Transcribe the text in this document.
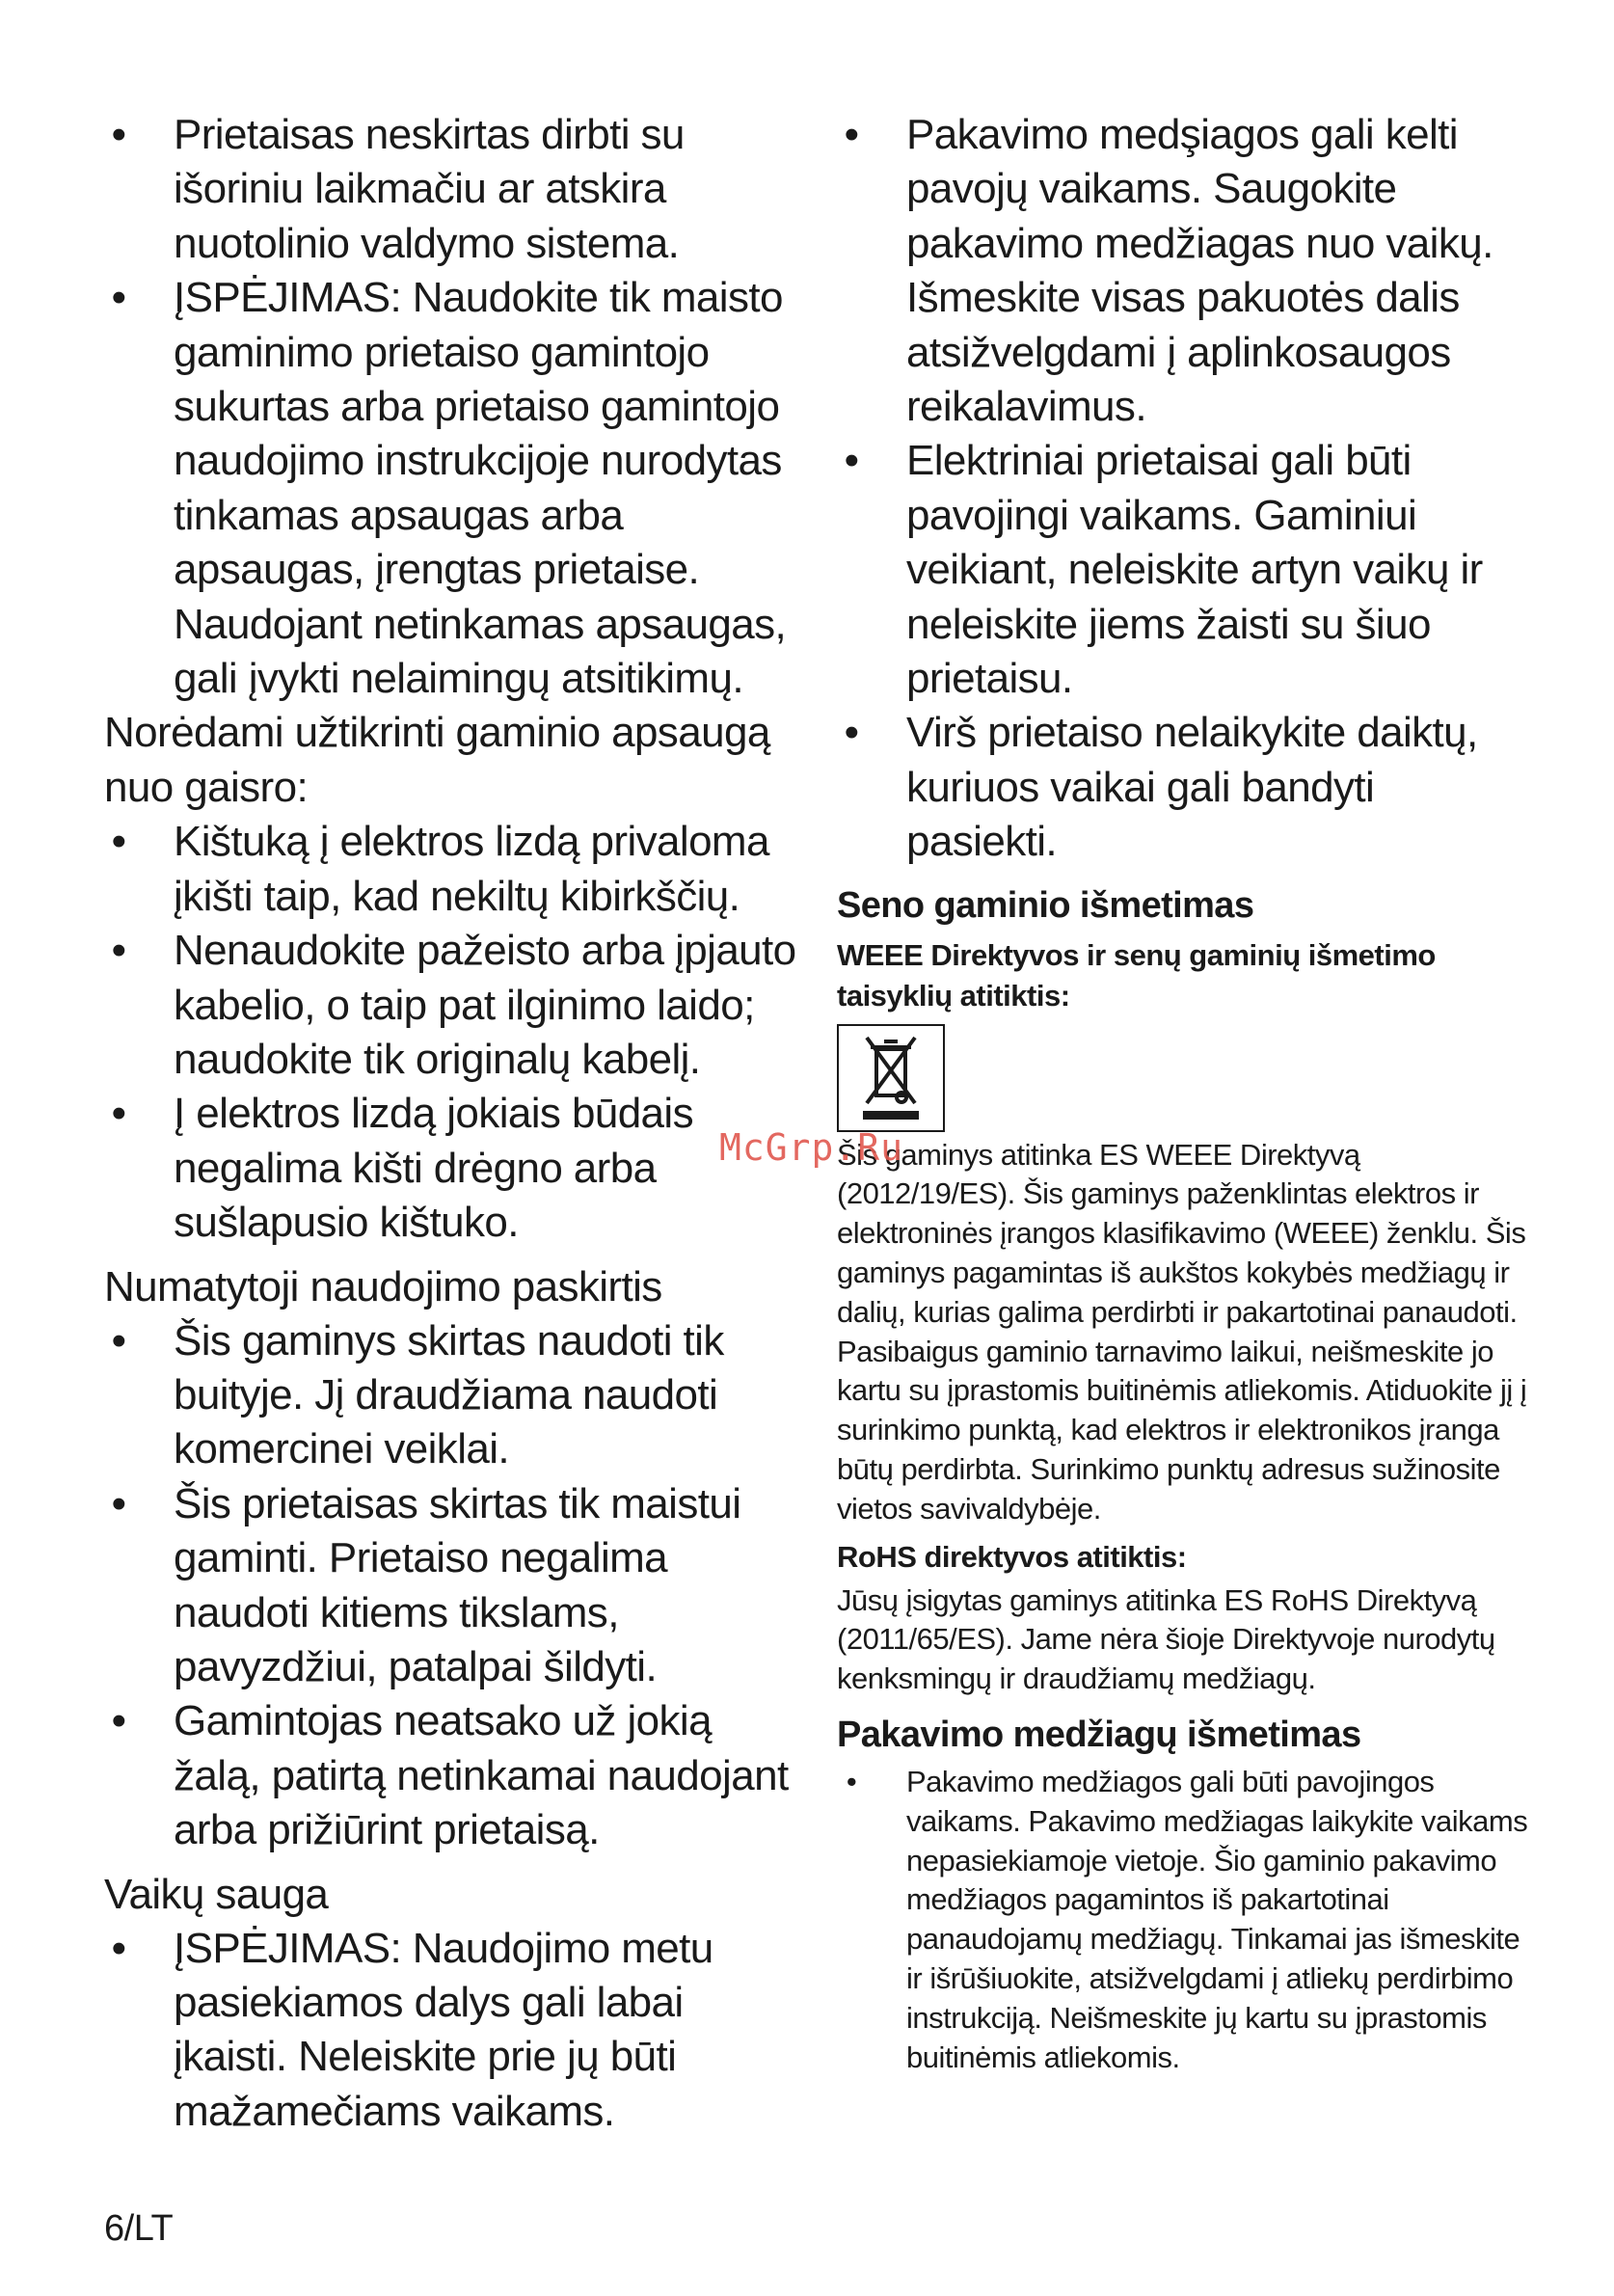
• Prietaisas neskirtas dirbti su išoriniu laikmačiu ar atskira nuotolinio valdymo sistema.
• ĮSPĖJIMAS: Naudokite tik maisto gaminimo prietaiso gamintojo sukurtas arba prietaiso gamintojo naudojimo instrukcijoje nurodytas tinkamas apsaugas arba apsaugas, įrengtas prietaise. Naudojant netinkamas apsaugas, gali įvykti nelaimingų atsitikimų.

Norėdami užtikrinti gaminio apsaugą nuo gaisro:

• Kištuką į elektros lizdą privaloma įkišti taip, kad nekiltų kibirkščių.
• Nenaudokite pažeisto arba įpjauto kabelio, o taip pat ilginimo laido; naudokite tik originalų kabelį.
• Į elektros lizdą jokiais būdais negalima kišti drėgno arba sušlapusio kištuko.
Numatytoji naudojimo paskirtis
• Šis gaminys skirtas naudoti tik buityje. Jį draudžiama naudoti komercinei veiklai.
• Šis prietaisas skirtas tik maistui gaminti. Prietaiso negalima naudoti kitiems tikslams, pavyzdžiui, patalpai šildyti.
• Gamintojas neatsako už jokią žalą, patirtą netinkamai naudojant arba prižiūrint prietaisą.
Vaikų sauga
• ĮSPĖJIMAS: Naudojimo metu pasiekiamos dalys gali labai įkaisti. Neleiskite prie jų būti mažamečiams vaikams.
• Pakavimo medşiagos gali kelti pavojų vaikams. Saugokite pakavimo medžiagas nuo vaikų. Išmeskite visas pakuotės dalis atsižvelgdami į aplinkosaugos reikalavimus.
• Elektriniai prietaisai gali būti pavojingi vaikams. Gaminiui veikiant, neleiskite artyn vaikų ir neleiskite jiems žaisti su šiuo prietaisu.
• Virš prietaiso nelaikykite daiktų, kuriuos vaikai gali bandyti pasiekti.
Seno gaminio išmetimas
WEEE Direktyvos ir senų gaminių išmetimo taisyklių atitiktis:

Šis gaminys atitinka ES WEEE Direktyvą (2012/19/ES). Šis gaminys paženklintas elektros ir elektroninės įrangos klasifikavimo (WEEE) ženklu. Šis gaminys pagamintas iš aukštos kokybės medžiagų ir dalių, kurias galima perdirbti ir pakartotinai panaudoti. Pasibaigus gaminio tarnavimo laikui, neišmeskite jo kartu su įprastomis buitinėmis atliekomis. Atiduokite jį į surinkimo punktą, kad elektros ir elektronikos įranga būtų perdirbta. Surinkimo punktų adresus sužinosite vietos savivaldybėje.

RoHS direktyvos atitiktis:

Jūsų įsigytas gaminys atitinka ES RoHS Direktyvą (2011/65/ES). Jame nėra šioje Direktyvoje nurodytų kenksmingų ir draudžiamų medžiagų.

Pakavimo medžiagų išmetimas
•	Pakavimo medžiagos gali būti pavojingos vaikams. Pakavimo medžiagas laikykite vaikams nepasiekiamoje vietoje. Šio gaminio pakavimo medžiagos pagamintos iš pakartotinai panaudojamų medžiagų. Tinkamai jas išmeskite ir išrūšiuokite, atsižvelgdami į atliekų perdirbimo instrukciją. Neišmeskite jų kartu su įprastomis buitinėmis atliekomis.
McGrp.Ru
6/LT
